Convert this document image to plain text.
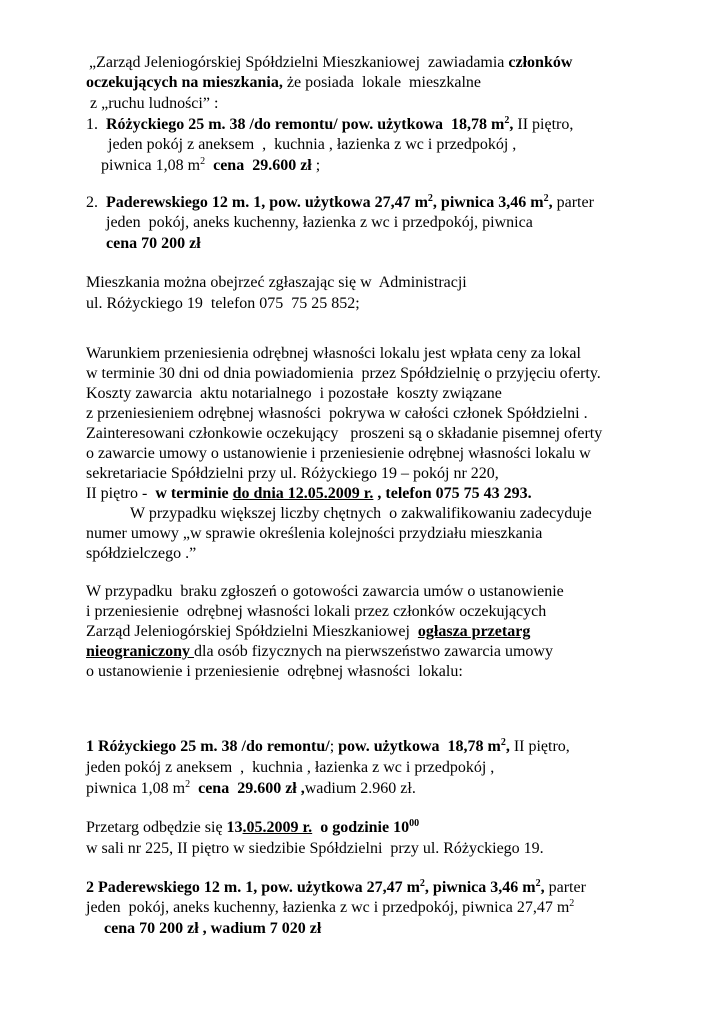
„Zarząd Jeleniogórskiej Spółdzielni Mieszkaniowej  zawiadamia członków
oczekujących na mieszkania, że posiada  lokale  mieszkalne
z „ruchu ludności” :
1.  Różyckiego 25 m. 38 /do remontu/ pow. użytkowa  18,78 $m^2$, II piętro,
jeden pokój z aneksem  ,  kuchnia , łazienka z wc i przedpokój ,
piwnica 1,08 $m^2$  cena  29.600 zł ;
2.  Paderewskiego 12 m. 1, pow. użytkowa 27,47 $m^2$, piwnica 3,46 $m^2$, parter
jeden  pokój, aneks kuchenny, łazienka z wc i przedpokój, piwnica
cena 70 200 zł
Mieszkania można obejrzeć zgłaszając się w  Administracji
ul. Różyckiego 19  telefon 075  75 25 852;
Warunkiem przeniesienia odrębnej własności lokalu jest wpłata ceny za lokal
w terminie 30 dni od dnia powiadomienia  przez Spółdzielnię o przyjęciu oferty.
Koszty zawarcia  aktu notarialnego  i pozostałe  koszty związane
z przeniesieniem odrębnej własności  pokrywa w całości członek Spółdzielni .
Zainteresowani członkowie oczekujący   proszeni są o składanie pisemnej oferty
o zawarcie umowy o ustanowienie i przeniesienie odrębnej własności lokalu w
sekretariacie Spółdzielni przy ul. Różyckiego 19 – pokój nr 220,
II piętro -  w terminie do dnia 12.05.2009 r. , telefon 075 75 43 293.
W przypadku większej liczby chętnych  o zakwalifikowaniu zadecyduje
numer umowy „w sprawie określenia kolejności przydziału mieszkania
spółdzielczego .”
W przypadku  braku zgłoszeń o gotowości zawarcia umów o ustanowienie
i przeniesienie  odrębnej własności lokali przez członków oczekujących
Zarząd Jeleniogórskiej Spółdzielni Mieszkaniowej  ogłasza przetarg
nieograniczony dla osób fizycznych na pierwszeństwo zawarcia umowy
o ustanowienie i przeniesienie  odrębnej własności  lokalu:
1 Różyckiego 25 m. 38 /do remontu/; pow. użytkowa  18,78 $m^2$, II piętro,
jeden pokój z aneksem  ,  kuchnia , łazienka z wc i przedpokój ,
piwnica 1,08 $m^2$  cena  29.600 zł ,wadium 2.960 zł.
Przetarg odbędzie się 13.05.2009 r.  o godzinie $10^{00}$
w sali nr 225, II piętro w siedzibie Spółdzielni  przy ul. Różyckiego 19.
2 Paderewskiego 12 m. 1, pow. użytkowa 27,47 $m^2$, piwnica 3,46 $m^2$, parter
jeden  pokój, aneks kuchenny, łazienka z wc i przedpokój, piwnica 27,47 $m^2$
cena 70 200 zł , wadium 7 020 zł
